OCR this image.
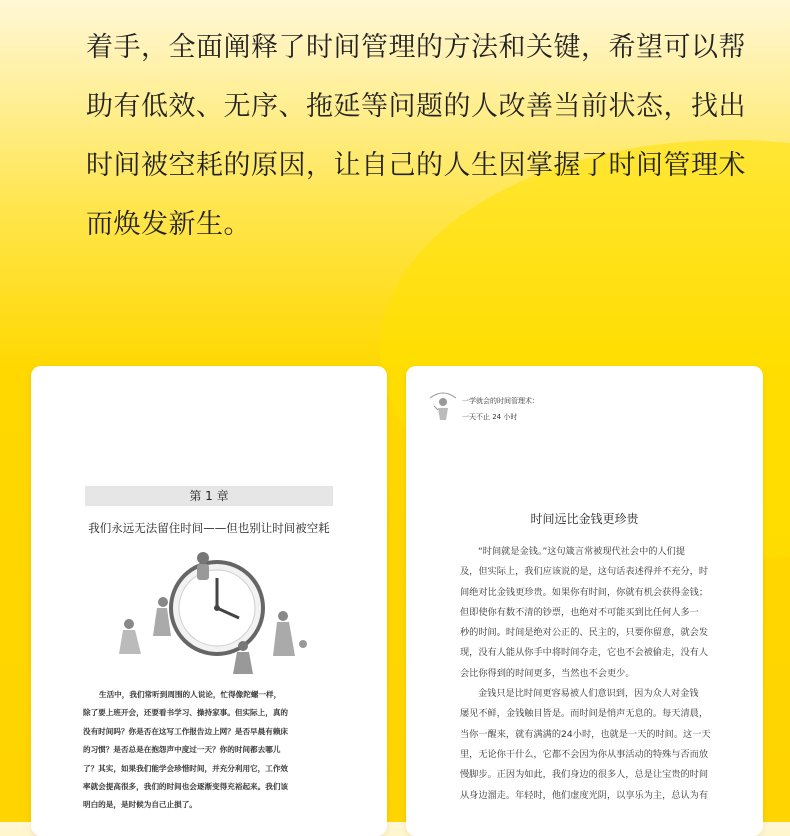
着手，全面阐释了时间管理的方法和关键，希望可以帮
助有低效、无序、拖延等问题的人改善当前状态，找出
时间被空耗的原因，让自己的人生因掌握了时间管理术
而焕发新生。
第 1 章
我们永远无法留住时间——但也别让时间被空耗
生活中，我们常听到周围的人说论，忙得像陀螺一样，
除了要上班开会，还要看书学习、操持家事。但实际上，真的
没有时间吗？你是否在这写工作报告边上网？是否早晨有赖床
的习惯？是否总是在抱怨声中度过一天？你的时间都去哪儿
了？其实，如果我们能学会珍惜时间，并充分利用它，工作效
率就会提高很多，我们的时间也会逐渐变得充裕起来。我们该
明白的是，是时候为自己止损了。
一学就会的时间管理术：
一天不止 24 小时
时间远比金钱更珍贵
“时间就是金钱。”这句箴言常被现代社会中的人们提
及，但实际上，我们应该说的是，这句话表述得并不充分，时
间绝对比金钱更珍贵。如果你有时间，你就有机会获得金钱；
但即使你有数不清的钞票，也绝对不可能买到比任何人多一
秒的时间。时间是绝对公正的、民主的，只要你留意，就会发
现，没有人能从你手中将时间夺走，它也不会被偷走，没有人
会比你得到的时间更多，当然也不会更少。
金钱只是比时间更容易被人们意识到，因为众人对金钱
屡见不鲜，金钱触目皆是。而时间是悄声无息的。每天清晨，
当你一醒来，就有满满的24小时，也就是一天的时间。这一天
里，无论你干什么，它都不会因为你从事活动的特殊与否而放
慢脚步。正因为如此，我们身边的很多人，总是让宝贵的时间
从身边溜走。年轻时，他们虚度光阴，以享乐为主，总认为有
